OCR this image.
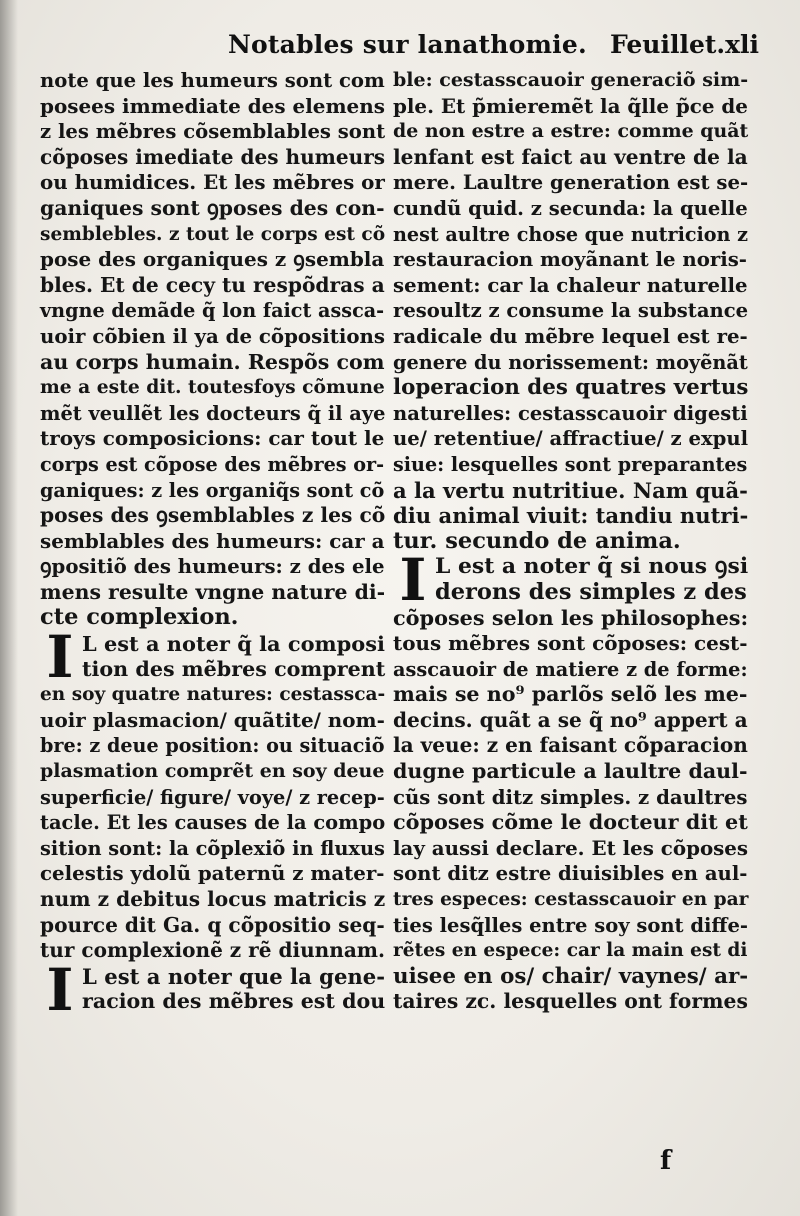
Notables sur lanathomie. Feuillet.xli
note que les humeurs sont com
posees immediate des elemens
z les mẽbres cõsemblables sont
cõposes imediate des humeurs
ou humidices. Et les mẽbres or
ganiques sont ꝯposes des con-
semblebles. z tout le corps est cõ
pose des organiques z ꝯsembla
bles. Et de cecy tu respõdras a
vngne demãde q̃ lon faict assca-
uoir cõbien il ya de cõpositions
au corps humain. Respõs com
me a este dit. toutesfoys cõmune
mẽt veullẽt les docteurs q̃ il aye
troys composicions: car tout le
corps est cõpose des mẽbres or-
ganiques: z les organiq̃s sont cõ
poses des ꝯsemblables z les cõ
semblables des humeurs: car a
ꝯpositiõ des humeurs: z des ele
mens resulte vngne nature di-
cte complexion.
I L est a noter q̃ la composi
tion des mẽbres comprent
en soy quatre natures: cestassca-
uoir plasmacion/ quãtite/ nom-
bre: z deue position: ou situaciõ
plasmation comprẽt en soy deue
superficie/ figure/ voye/ z recep-
tacle. Et les causes de la compo
sition sont: la cõplexiõ in fluxus
celestis ydolũ paternũ z mater-
num z debitus locus matricis z
pource dit Ga. q cõpositio seq-
tur complexionẽ z rẽ diunnam.
I L est a noter que la gene-
racion des mẽbres est dou
ble: cestasscauoir generaciõ sim-
ple. Et p̃mieremẽt la q̃lle p̃ce de
de non estre a estre: comme quãt
lenfant est faict au ventre de la
mere. Laultre generation est se-
cundũ quid. z secunda: la quelle
nest aultre chose que nutricion z
restauracion moyãnant le noris-
sement: car la chaleur naturelle
resoultz z consume la substance
radicale du mẽbre lequel est re-
genere du norissement: moyẽnãt
loperacion des quatres vertus
naturelles: cestasscauoir digesti
ue/ retentiue/ affractiue/ z expul
siue: lesquelles sont preparantes
a la vertu nutritiue. Nam quã-
diu animal viuit: tandiu nutri-
tur. secundo de anima.
I L est a noter q̃ si nous ꝯsi
derons des simples z des
cõposes selon les philosophes:
tous mẽbres sont cõposes: cest-
asscauoir de matiere z de forme:
mais se no⁹ parlõs selõ les me-
decins. quãt a se q̃ no⁹ appert a
la veue: z en faisant cõparacion
dugne particule a laultre daul-
cũs sont ditz simples. z daultres
cõposes cõme le docteur dit et
lay aussi declare. Et les cõposes
sont ditz estre diuisibles en aul-
tres especes: cestasscauoir en par
ties lesq̃lles entre soy sont diffe-
rẽtes en espece: car la main est di
uisee en os/ chair/ vaynes/ ar-
taires zc. lesquelles ont formes
f
